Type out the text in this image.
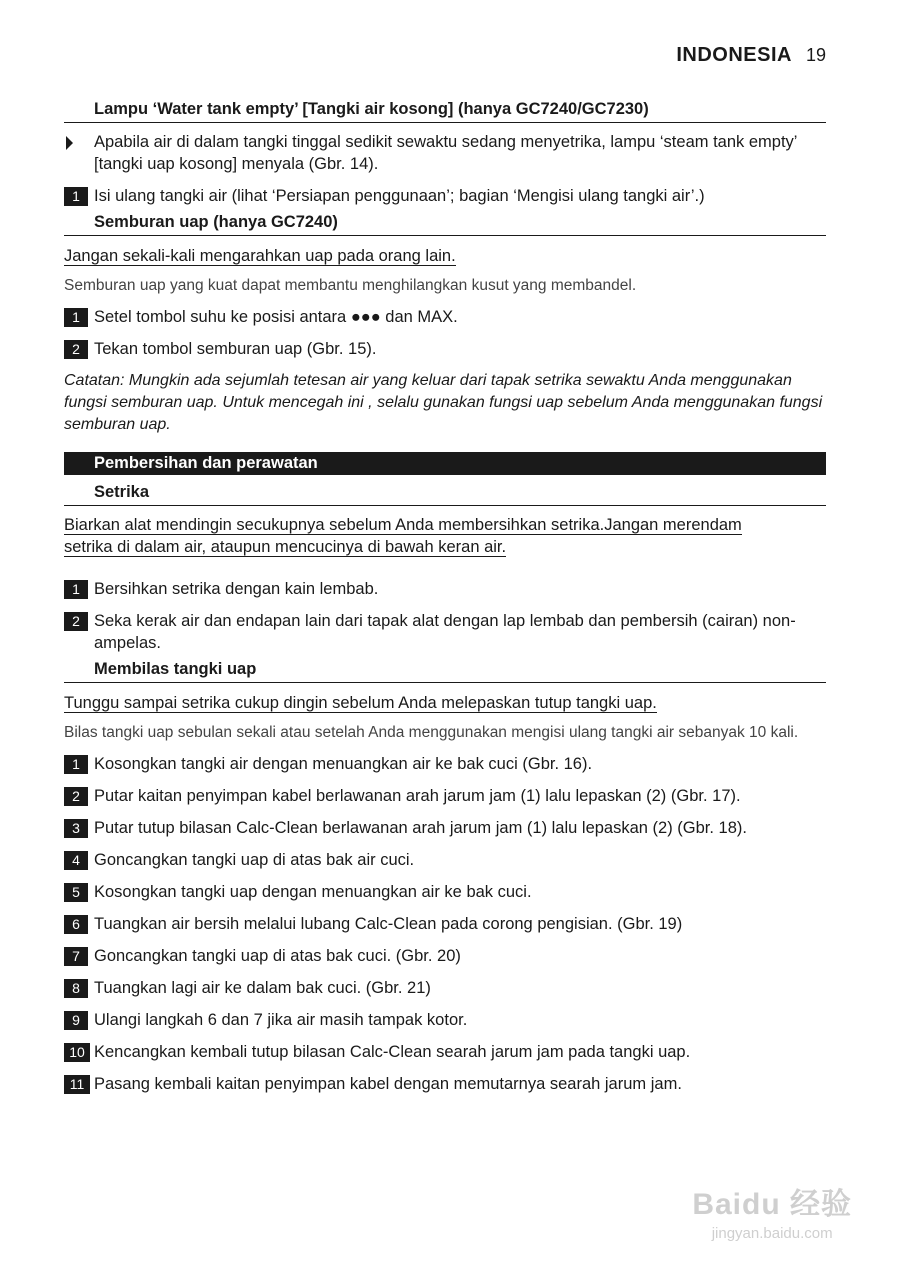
INDONESIA 19
Lampu ‘Water tank empty’ [Tangki air kosong] (hanya GC7240/GC7230)
Apabila air di dalam tangki tinggal sedikit sewaktu sedang menyetrika, lampu ‘steam tank empty’ [tangki uap kosong] menyala (Gbr. 14).
1 Isi ulang tangki air (lihat ‘Persiapan penggunaan’; bagian ‘Mengisi ulang tangki air’.)
Semburan uap (hanya GC7240)

Jangan sekali-kali mengarahkan uap pada orang lain.

Semburan uap yang kuat dapat membantu menghilangkan kusut yang membandel.

1 Setel tombol suhu ke posisi antara ●●● dan MAX.
2 Tekan tombol semburan uap (Gbr. 15).

Catatan: Mungkin ada sejumlah tetesan air yang keluar dari tapak setrika sewaktu Anda menggunakan fungsi semburan uap. Untuk mencegah ini , selalu gunakan fungsi uap sebelum Anda menggunakan fungsi semburan uap.

Pembersihan dan perawatan
Setrika

Biarkan alat mendingin secukupnya sebelum Anda membersihkan setrika.Jangan merendam
setrika di dalam air, ataupun mencucinya di bawah keran air.

1 Bersihkan setrika dengan kain lembab.
2 Seka kerak air dan endapan lain dari tapak alat dengan lap lembab dan pembersih (cairan) non-ampelas.
Membilas tangki uap

Tunggu sampai setrika cukup dingin sebelum Anda melepaskan tutup tangki uap.

Bilas tangki uap sebulan sekali atau setelah Anda menggunakan mengisi ulang tangki air sebanyak 10 kali.

1 Kosongkan tangki air dengan menuangkan air ke bak cuci (Gbr. 16).
2 Putar kaitan penyimpan kabel berlawanan arah jarum jam (1) lalu lepaskan (2) (Gbr. 17).
3 Putar tutup bilasan Calc-Clean berlawanan arah jarum jam (1) lalu lepaskan (2) (Gbr. 18).
4 Goncangkan tangki uap di atas bak air cuci.
5 Kosongkan tangki uap dengan menuangkan air ke bak cuci.
6 Tuangkan air bersih melalui lubang Calc-Clean pada corong pengisian. (Gbr. 19)
7 Goncangkan tangki uap di atas bak cuci. (Gbr. 20)
8 Tuangkan lagi air ke dalam bak cuci. (Gbr. 21)
9 Ulangi langkah 6 dan 7 jika air masih tampak kotor.
10 Kencangkan kembali tutup bilasan Calc-Clean searah jarum jam pada tangki uap.
11 Pasang kembali kaitan penyimpan kabel dengan memutarnya searah jarum jam.
Baidu 经验
jingyan.baidu.com
